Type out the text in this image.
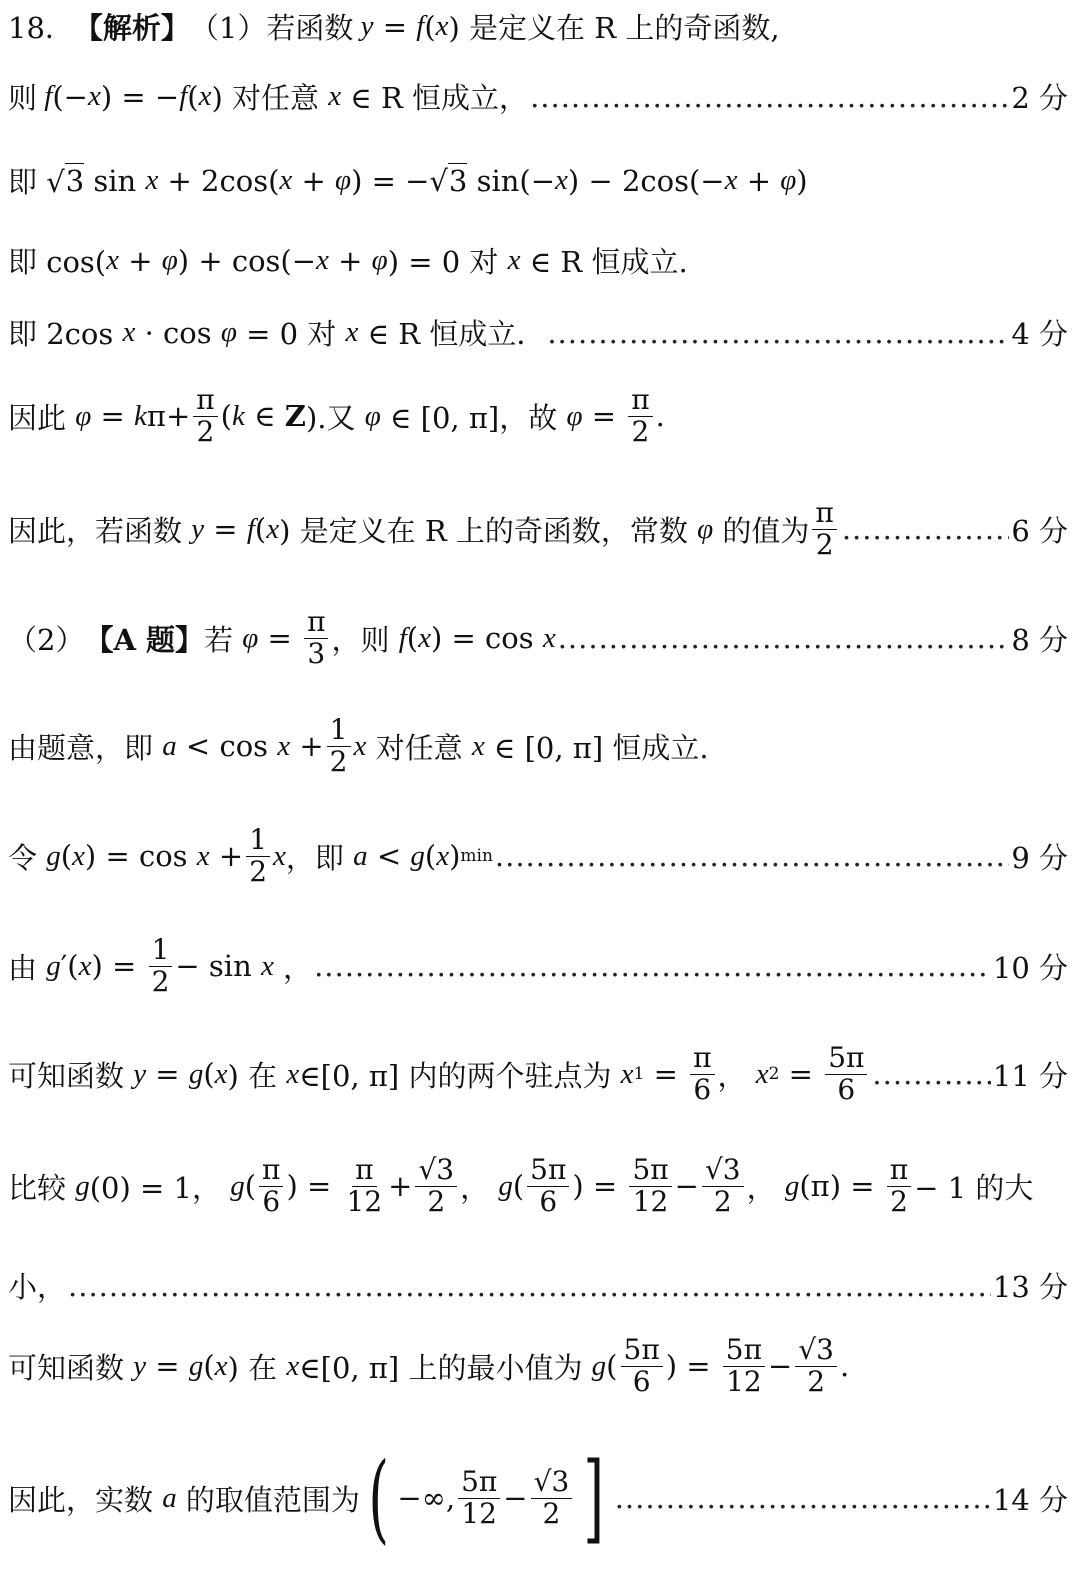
18． 【解析】 （1）若函数 y = f ( x ) 是定义在 R 上的奇函数,
则 f (− x ) = − f ( x ) 对任意 x ∈ R 恒成立， .....	2 分
即 √ 3 sin x + 2cos( x + φ ) = −√ 3 sin(− x ) − 2cos(− x + φ )
即 cos( x + φ ) + cos(− x + φ ) = 0 对 x ∈ R 恒成立.
即 2cos x · cos φ = 0 对 x ∈ R 恒成立． .....	4 分
因此 φ = k $\pi+ \frac{\pi}{2}$ ( k ∈ Z ).又 φ ∈ [0, π]，故 $\varphi = \frac{\pi}{2}$ .
因此，若函数 y = f ( x ) 是定义在 R 上的奇函数，常数 φ 的值为 $\frac{\pi}{2}$ .....	6 分
（2） 【A 题】 若 $\varphi = \frac{\pi}{3}$ ，则 f ( x ) = cos x .....	8 分
由题意，即 $a < \cos x + \frac{1}{2}$ x 对任意 x ∈ [0, π] 恒成立.
令 g ( x ) = $\cos x + \frac{1}{2}$ x ，即 a < g ( x ) min .....	9 分
由 g ′( x ) = $\frac{1}{2} - \sin x$ ， .....	10 分
可知函数 y = g ( x ) 在 x ∈[0, π] 内的两个驻点为 x $1 = \frac{\pi}{6}$ ， x $2 = \frac{5\pi}{6}$ .....	11 分
比较 g (0) = 1， g ( $\frac{\pi}{6}$ ) = $\frac{\pi}{12} + \frac{√3}{2}$ ， g ( $\frac{5\pi}{6}$ ) = $\frac{5\pi}{12} - \frac{√3}{2}$ ， g $(\pi) = \frac{\pi}{2} - 1$ 的大
小， .....	13 分
可知函数 y = g ( x ) 在 x ∈[0, π] 上的最小值为 g ( $\frac{5\pi}{6}$ ) = $\frac{5\pi}{12} - \frac{√3}{2}$ .
因此，实数 a 的取值范围为 ( −∞, $\frac{5\pi}{12} - \frac{√3}{2}$ ] .....	14 分
